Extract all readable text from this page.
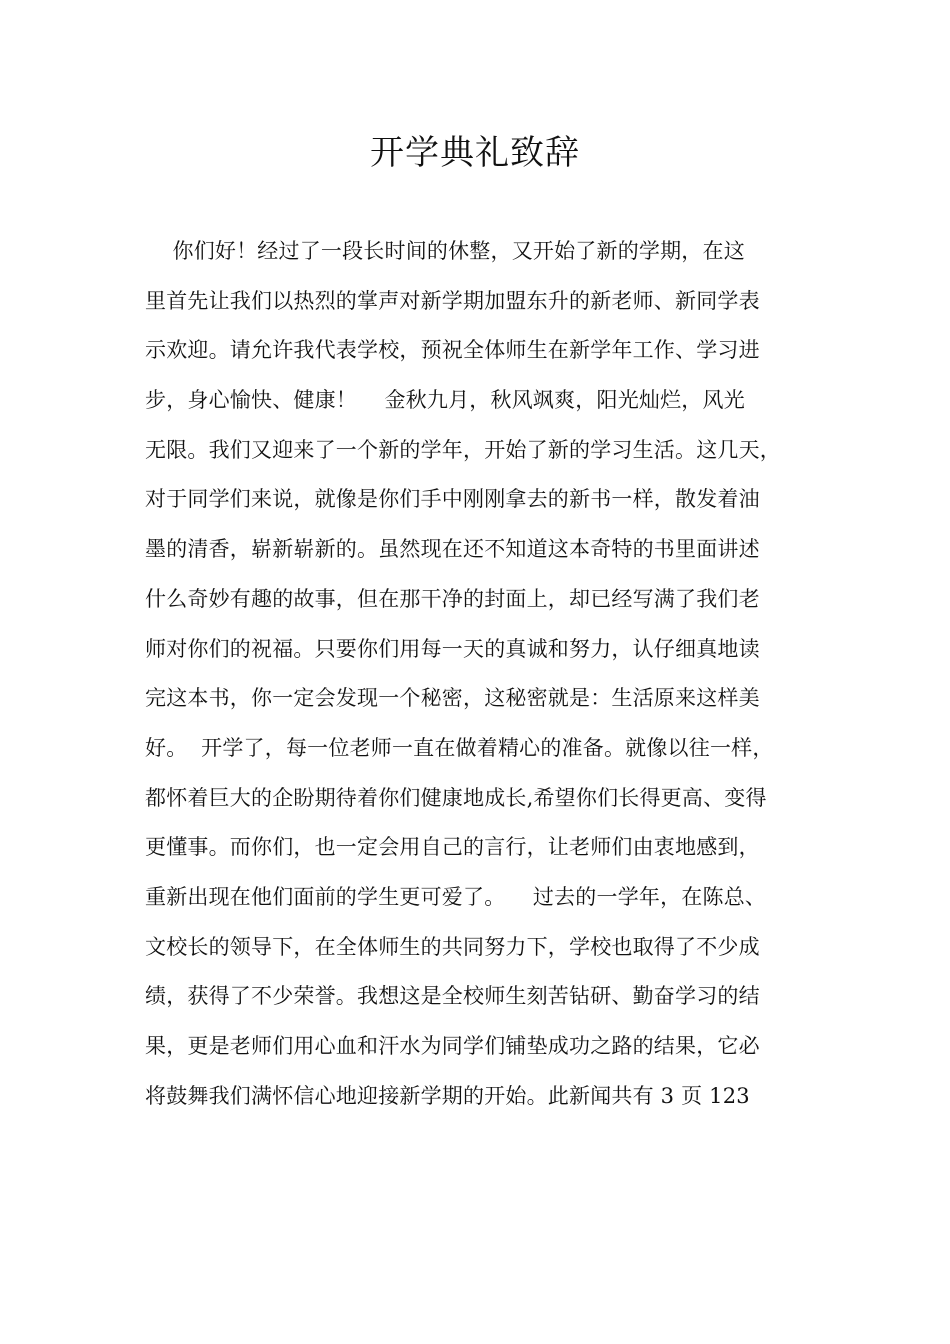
开学典礼致辞
你们好！经过了一段长时间的休整，又开始了新的学期，在这
里首先让我们以热烈的掌声对新学期加盟东升的新老师、新同学表
示欢迎。请允许我代表学校，预祝全体师生在新学年工作、学习进
步，身心愉快、健康！    金秋九月，秋风飒爽，阳光灿烂，风光
无限。我们又迎来了一个新的学年，开始了新的学习生活。这几天，
对于同学们来说，就像是你们手中刚刚拿去的新书一样，散发着油
墨的清香，崭新崭新的。虽然现在还不知道这本奇特的书里面讲述
什么奇妙有趣的故事，但在那干净的封面上，却已经写满了我们老
师对你们的祝福。只要你们用每一天的真诚和努力，认仔细真地读
完这本书，你一定会发现一个秘密，这秘密就是：生活原来这样美
好。  开学了，每一位老师一直在做着精心的准备。就像以往一样，
都怀着巨大的企盼期待着你们健康地成长,希望你们长得更高、变得
更懂事。而你们，也一定会用自己的言行，让老师们由衷地感到，
重新出现在他们面前的学生更可爱了。    过去的一学年，在陈总、
文校长的领导下，在全体师生的共同努力下，学校也取得了不少成
绩，获得了不少荣誉。我想这是全校师生刻苦钻研、勤奋学习的结
果，更是老师们用心血和汗水为同学们铺垫成功之路的结果，它必
将鼓舞我们满怀信心地迎接新学期的开始。此新闻共有 3 页 123
